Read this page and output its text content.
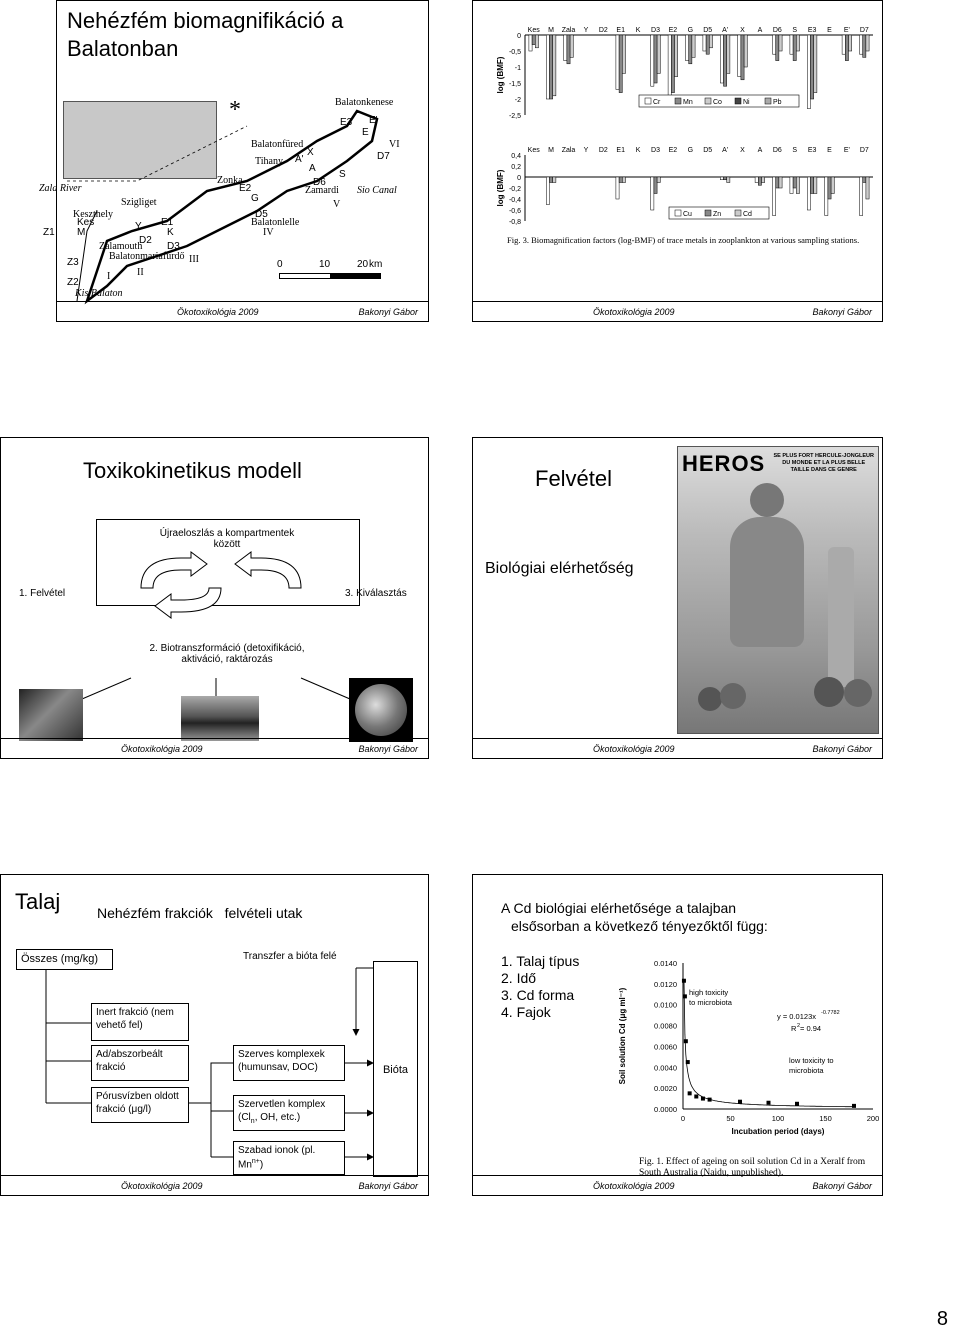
Nehézfém biomagnifikáció a
Balatonban
*	Balatonkenese
E3 E'
E
VI
D7
Balatonfüred
X
Tihany A'
A
S
D6
Zamardi Sio Canal
V
Zonka
E2
G
D5
Balatonlelle
IV
Zala River
Szigliget
Keszthely
Kes	Y E1
K
Z1 M
D2
Zalamouth D3
Balatonmariafürdő III
Z3
Z2
I	II
Kis Balaton
0	10	20 km
Ökotoxikológia 2009	Bakonyi Gábor
0
-0,5
-1
-1,5
-2
-2,5
log (BMF)
Kes M Zala Y D2 E1 K D3 E2 G D5 A' X A D6 S E3 E E' D7
Cr	Mn	Co	Ni	Pb
0,4
0,2
0
-0,2
-0,4
-0,6
-0,8
log (BMF)
Kes M Zala Y D2 E1 K D3 E2 G D5 A' X A D6 S E3 E E' D7
Cu	Zn	Cd
Fig. 3. Biomagnification factors (log-BMF) of trace metals in zooplankton at various sampling stations.
Ökotoxikológia 2009	Bakonyi Gábor
Toxikokinetikus modell
Újraeloszlás a kompartmentek
között
1. Felvétel	3. Kiválasztás
2. Biotranszformáció (detoxifikáció,
aktiváció, raktározás
Ökotoxikológia 2009	Bakonyi Gábor
Felvétel
Biológiai elérhetőség
HEROS SE PLUS FORT HERCULE-JONGLEUR
DU MONDE ET LA PLUS BELLE
TAILLE DANS CE GENRE
Ökotoxikológia 2009	Bakonyi Gábor
Talaj	Nehézfém frakciók   felvételi utak
Összes (mg/kg)	Transzfer a bióta felé
Inert frakció (nem vehető fel)
Ad/abszorbeált frakció
Pórusvízben oldott frakció (μg/l)
Szerves komplexek (humunsav, DOC)
Szervetlen komplex ($Cl_n$, OH, etc.)
Szabad ionok (pl. $Mn^{n+}$)
Bióta
Ökotoxikológia 2009	Bakonyi Gábor
A Cd biológiai elérhetősége a talajban
elsősorban a következő tényezőktől függ:
1. Talaj típus
2. Idő
3. Cd forma
4. Fajok
0.0000
0.0020
0.0040
0.0060
0.0080
0.0100
0.0120
0.0140
0	50	100	150	200
Incubation period (days)
Soil solution Cd (μg ml⁻¹)	high toxicity
to microbiota
y = 0.0123x -0.7782
R 2 = 0.94
low toxicity to
microbiota
Fig. 1. Effect of ageing on soil solution Cd in a Xeralf from
South Australia (Naidu, unpublished).
Ökotoxikológia 2009	Bakonyi Gábor
8
